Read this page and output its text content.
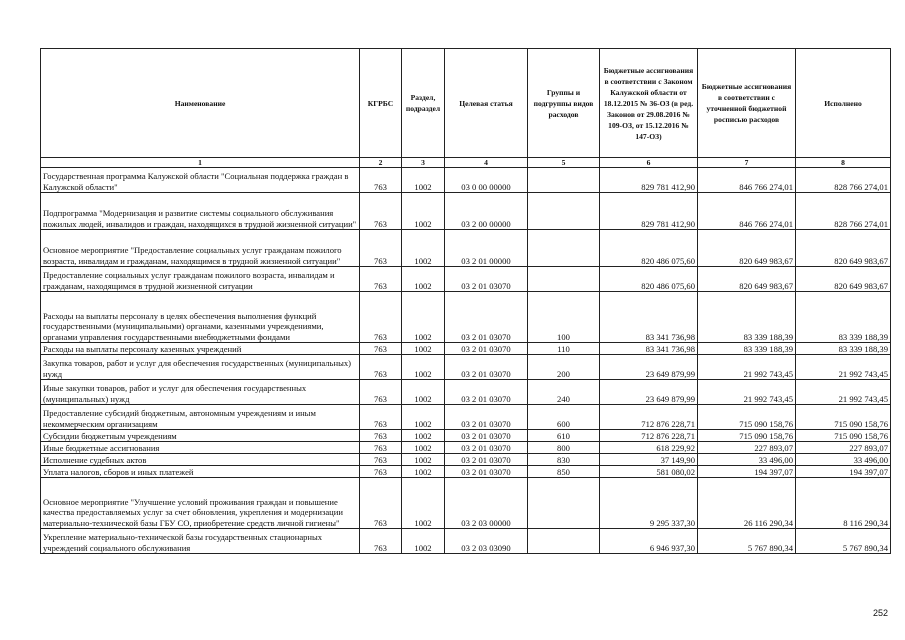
Наименование	КГРБС	Раздел, подраздел	Целевая статья	Группы и подгруппы видов расходов	Бюджетные ассигнования в соответствии с Законом Калужской области от 18.12.2015 № 36-ОЗ (в ред. Законов от 29.08.2016 № 109-ОЗ, от 15.12.2016 № 147-ОЗ)	Бюджетные ассигнования в соответствии с уточненной бюджетной росписью расходов	Исполнено
1	2	3	4	5	6	7	8
Государственная программа Калужской области "Социальная поддержка граждан в Калужской области"	763	1002	03 0 00 00000		829 781 412,90	846 766 274,01	828 766 274,01
Подпрограмма "Модернизация и развитие системы социального обслуживания пожилых людей, инвалидов и граждан, находящихся в трудной жизненной ситуации"	763	1002	03 2 00 00000		829 781 412,90	846 766 274,01	828 766 274,01
Основное мероприятие "Предоставление социальных услуг гражданам пожилого возраста, инвалидам и гражданам, находящимся в трудной жизненной ситуации"	763	1002	03 2 01 00000		820 486 075,60	820 649 983,67	820 649 983,67
Предоставление социальных услуг гражданам пожилого возраста, инвалидам и гражданам, находящимся в трудной жизненной ситуации	763	1002	03 2 01 03070		820 486 075,60	820 649 983,67	820 649 983,67
Расходы на выплаты персоналу в целях обеспечения выполнения функций государственными (муниципальными) органами, казенными учреждениями, органами управления государственными внебюджетными фондами	763	1002	03 2 01 03070	100	83 341 736,98	83 339 188,39	83 339 188,39
Расходы на выплаты персоналу казенных учреждений	763	1002	03 2 01 03070	110	83 341 736,98	83 339 188,39	83 339 188,39
Закупка товаров, работ и услуг для обеспечения государственных (муниципальных) нужд	763	1002	03 2 01 03070	200	23 649 879,99	21 992 743,45	21 992 743,45
Иные закупки товаров, работ и услуг для обеспечения государственных (муниципальных) нужд	763	1002	03 2 01 03070	240	23 649 879,99	21 992 743,45	21 992 743,45
Предоставление субсидий бюджетным, автономным учреждениям и иным некоммерческим организациям	763	1002	03 2 01 03070	600	712 876 228,71	715 090 158,76	715 090 158,76
Субсидии бюджетным учреждениям	763	1002	03 2 01 03070	610	712 876 228,71	715 090 158,76	715 090 158,76
Иные бюджетные ассигнования	763	1002	03 2 01 03070	800	618 229,92	227 893,07	227 893,07
Исполнение судебных актов	763	1002	03 2 01 03070	830	37 149,90	33 496,00	33 496,00
Уплата налогов, сборов и иных платежей	763	1002	03 2 01 03070	850	581 080,02	194 397,07	194 397,07
Основное мероприятие "Улучшение условий проживания граждан и повышение качества предоставляемых услуг за счет обновления, укрепления и модернизации материально-технической базы ГБУ СО, приобретение средств личной гигиены"	763	1002	03 2 03 00000		9 295 337,30	26 116 290,34	8 116 290,34
Укрепление материально-технической базы государственных стационарных учреждений социального обслуживания	763	1002	03 2 03 03090		6 946 937,30	5 767 890,34	5 767 890,34
252
